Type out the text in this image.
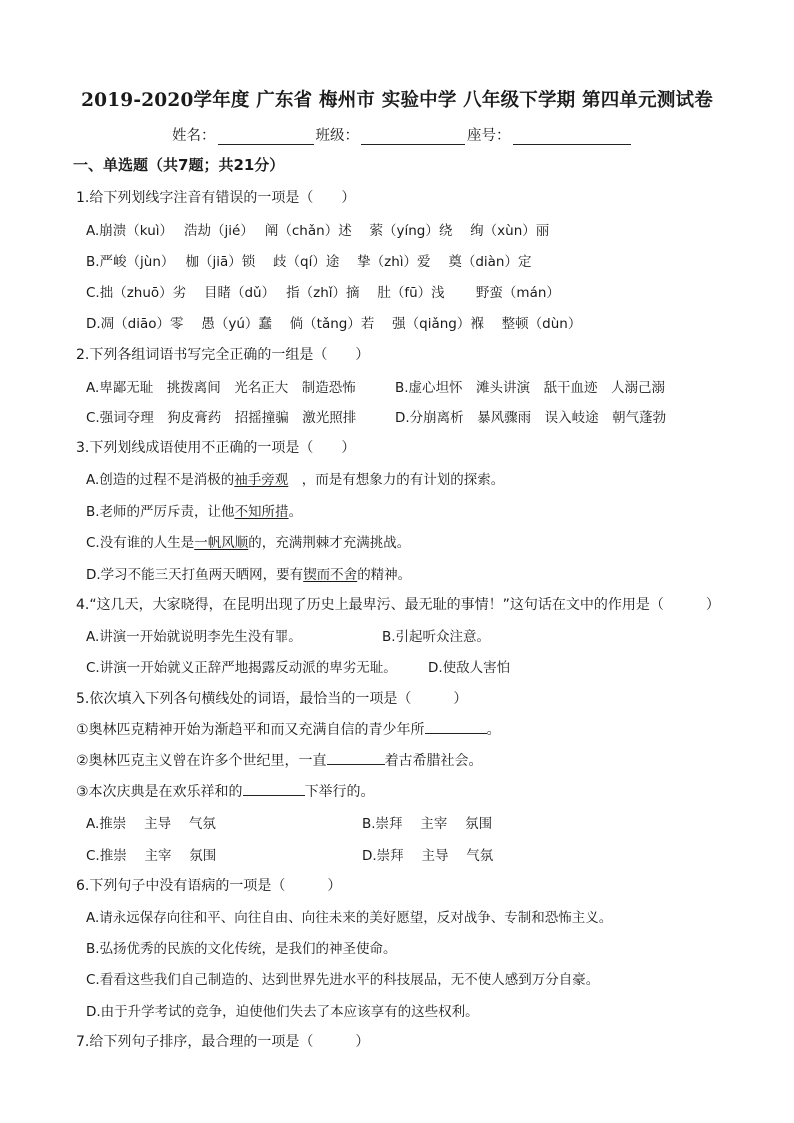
2019-2020学年度 广东省 梅州市 实验中学 八年级下学期 第四单元测试卷
姓名：	班级：	座号：
一、单选题（共7题；共21分）
1.给下列划线字注音有错误的一项是（　　）
A.崩溃（kuì）　 浩劫（jié）　 阐（chǎn）述　 萦（yíng）绕　 绚（xùn）丽
B.严峻（jùn）　 枷（jiā）锁　 歧（qí）途　 挚（zhì）爱　 奠（diàn）定
C.拙（zhuō）劣　 目睹（dǔ）　 指（zhǐ）摘　 肚（fū）浅　　 野蛮（mán）
D.凋（diāo）零　 愚（yú）蠢　 倘（tǎng）若　 强（qiǎng）褓　 整顿（dùn）
2.下列各组词语书写完全正确的一组是（　　）
A.卑鄙无耻　挑拨离间　光名正大　制造恐怖	B.虚心坦怀　滩头讲演　舐干血迹　人溺己溺
C.强词夺理　狗皮膏药　招摇撞骗　激光照排	D.分崩离析　暴风骤雨　误入岐途　朝气蓬勃
3.下列划线成语使用不正确的一项是（　　）
A.创造的过程不是消极的袖手旁观　，而是有想象力的有计划的探索。
B.老师的严厉斥责，让他不知所措。
C.没有谁的人生是一帆风顺的，充满荆棘才充满挑战。
D.学习不能三天打鱼两天晒网，要有锲而不舍的精神。
4.“这几天，大家晓得，在昆明出现了历史上最卑污、最无耻的事情！”这句话在文中的作用是（　　　）
A.讲演一开始就说明李先生没有罪。	B.引起听众注意。
C.讲演一开始就义正辞严地揭露反动派的卑劣无耻。 D.使敌人害怕
5.依次填入下列各句横线处的词语，最恰当的一项是（　　　）
①奥林匹克精神开始为渐趋平和而又充满自信的青少年所	。
②奥林匹克主义曾在许多个世纪里，一直	着古希腊社会。
③本次庆典是在欢乐祥和的	下举行的。
A.推崇　 主导　 气氛	B.崇拜　 主宰　 氛围
C.推崇　 主宰　 氛围	D.崇拜　 主导　 气氛
6.下列句子中没有语病的一项是（　　　）
A.请永远保存向往和平、向往自由、向往未来的美好愿望，反对战争、专制和恐怖主义。
B.弘扬优秀的民族的文化传统，是我们的神圣使命。
C.看看这些我们自己制造的、达到世界先进水平的科技展品，无不使人感到万分自豪。
D.由于升学考试的竞争，迫使他们失去了本应该享有的这些权利。
7.给下列句子排序，最合理的一项是（　　　）
